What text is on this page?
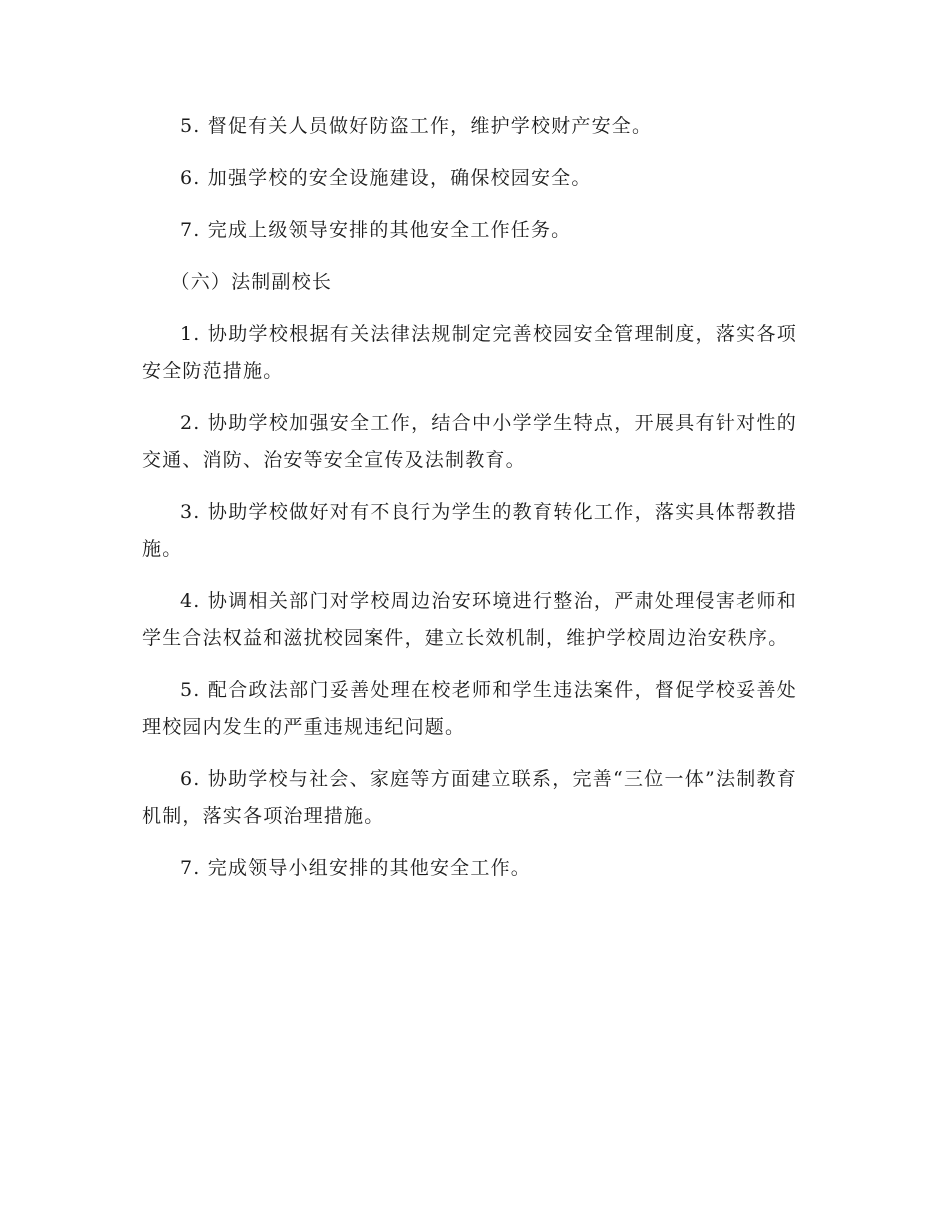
5. 督促有关人员做好防盗工作，维护学校财产安全。

6. 加强学校的安全设施建设，确保校园安全。

7. 完成上级领导安排的其他安全工作任务。

（六）法制副校长

1. 协助学校根据有关法律法规制定完善校园安全管理制度，落实各项安全防范措施。

2. 协助学校加强安全工作，结合中小学学生特点，开展具有针对性的交通、消防、治安等安全宣传及法制教育。

3. 协助学校做好对有不良行为学生的教育转化工作，落实具体帮教措施。

4. 协调相关部门对学校周边治安环境进行整治，严肃处理侵害老师和学生合法权益和滋扰校园案件，建立长效机制，维护学校周边治安秩序。

5. 配合政法部门妥善处理在校老师和学生违法案件，督促学校妥善处理校园内发生的严重违规违纪问题。

6. 协助学校与社会、家庭等方面建立联系，完善“三位一体”法制教育机制，落实各项治理措施。

7. 完成领导小组安排的其他安全工作。
